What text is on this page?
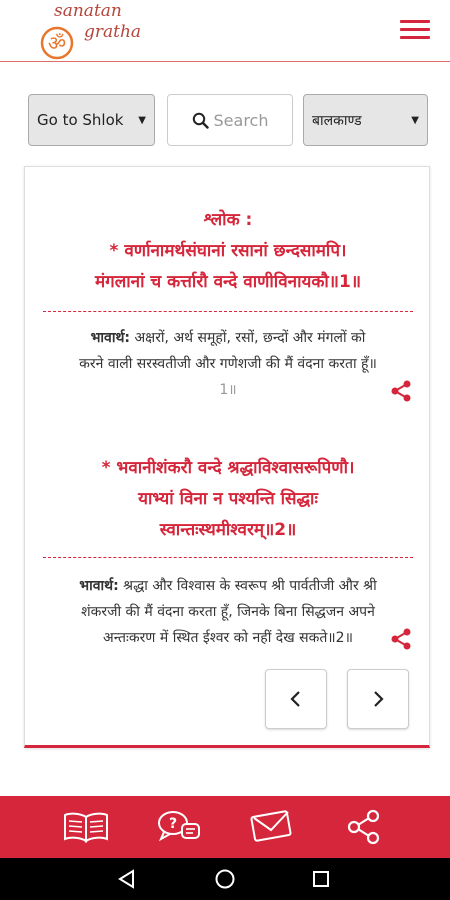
ॐ
sanatan
gratha
Go to Shlok ▼	Search	बालकाण्ड	▼
श्लोक :
* वर्णानामर्थसंघानां रसानां छन्दसामपि।
मंगलानां च कर्त्तारौ वन्दे वाणीविनायकौ॥1॥
भावार्थ: अक्षरों, अर्थ समूहों, रसों, छन्दों और मंगलों को
करने वाली सरस्वतीजी और गणेशजी की मैं वंदना करता हूँ॥
1॥
* भवानीशंकरौ वन्दे श्रद्धाविश्वासरूपिणौ।
याभ्यां विना न पश्यन्ति सिद्धाः
स्वान्तःस्थमीश्वरम्‌॥2॥
भावार्थ: श्रद्धा और विश्वास के स्वरूप श्री पार्वतीजी और श्री
शंकरजी की मैं वंदना करता हूँ, जिनके बिना सिद्धजन अपने
अन्तःकरण में स्थित ईश्वर को नहीं देख सकते॥2॥
?
